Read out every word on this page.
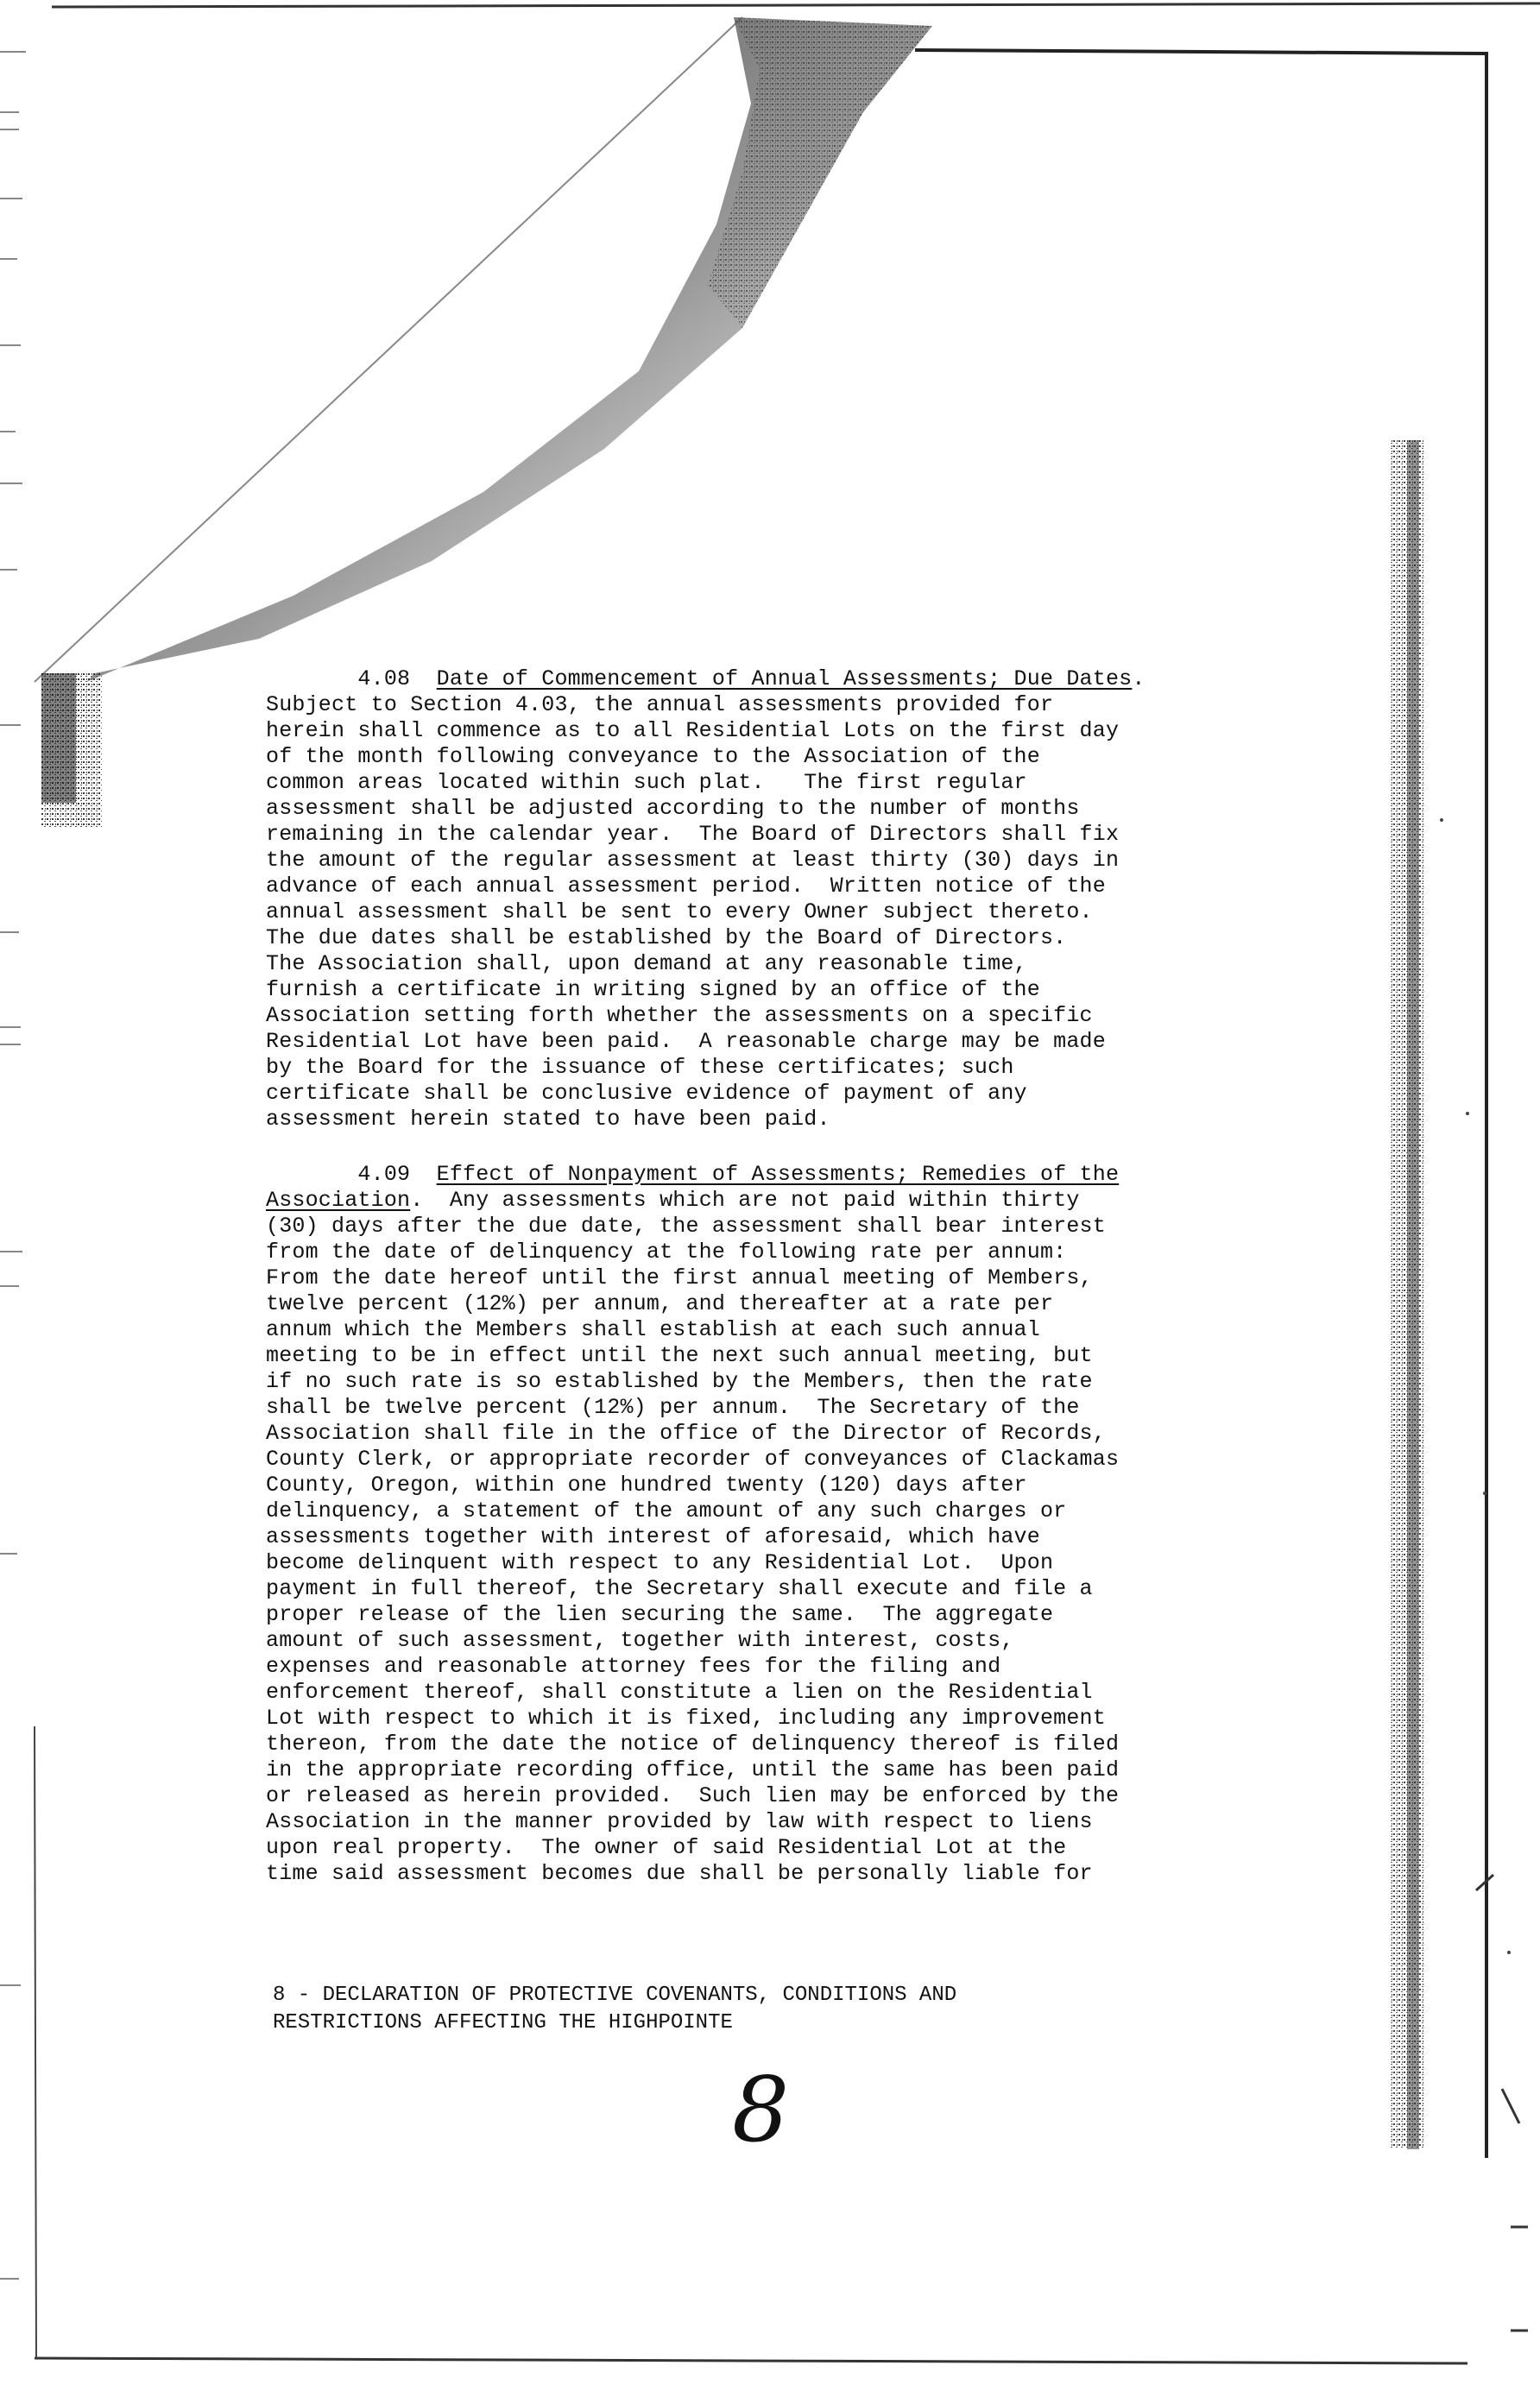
4.08 Date of Commencement of Annual Assessments; Due Dates.
Subject to Section 4.03, the annual assessments provided for
herein shall commence as to all Residential Lots on the first day
of the month following conveyance to the Association of the
common areas located within such plat.   The first regular
assessment shall be adjusted according to the number of months
remaining in the calendar year.  The Board of Directors shall fix
the amount of the regular assessment at least thirty (30) days in
advance of each annual assessment period.  Written notice of the
annual assessment shall be sent to every Owner subject thereto.
The due dates shall be established by the Board of Directors.
The Association shall, upon demand at any reasonable time,
furnish a certificate in writing signed by an office of the
Association setting forth whether the assessments on a specific
Residential Lot have been paid.  A reasonable charge may be made
by the Board for the issuance of these certificates; such
certificate shall be conclusive evidence of payment of any
assessment herein stated to have been paid.
4.09 Effect of Nonpayment of Assessments; Remedies of the
Association.  Any assessments which are not paid within thirty
(30) days after the due date, the assessment shall bear interest
from the date of delinquency at the following rate per annum:
From the date hereof until the first annual meeting of Members,
twelve percent (12%) per annum, and thereafter at a rate per
annum which the Members shall establish at each such annual
meeting to be in effect until the next such annual meeting, but
if no such rate is so established by the Members, then the rate
shall be twelve percent (12%) per annum.  The Secretary of the
Association shall file in the office of the Director of Records,
County Clerk, or appropriate recorder of conveyances of Clackamas
County, Oregon, within one hundred twenty (120) days after
delinquency, a statement of the amount of any such charges or
assessments together with interest of aforesaid, which have
become delinquent with respect to any Residential Lot.  Upon
payment in full thereof, the Secretary shall execute and file a
proper release of the lien securing the same.  The aggregate
amount of such assessment, together with interest, costs,
expenses and reasonable attorney fees for the filing and
enforcement thereof, shall constitute a lien on the Residential
Lot with respect to which it is fixed, including any improvement
thereon, from the date the notice of delinquency thereof is filed
in the appropriate recording office, until the same has been paid
or released as herein provided.  Such lien may be enforced by the
Association in the manner provided by law with respect to liens
upon real property.  The owner of said Residential Lot at the
time said assessment becomes due shall be personally liable for
8 - DECLARATION OF PROTECTIVE COVENANTS, CONDITIONS AND
RESTRICTIONS AFFECTING THE HIGHPOINTE
8
